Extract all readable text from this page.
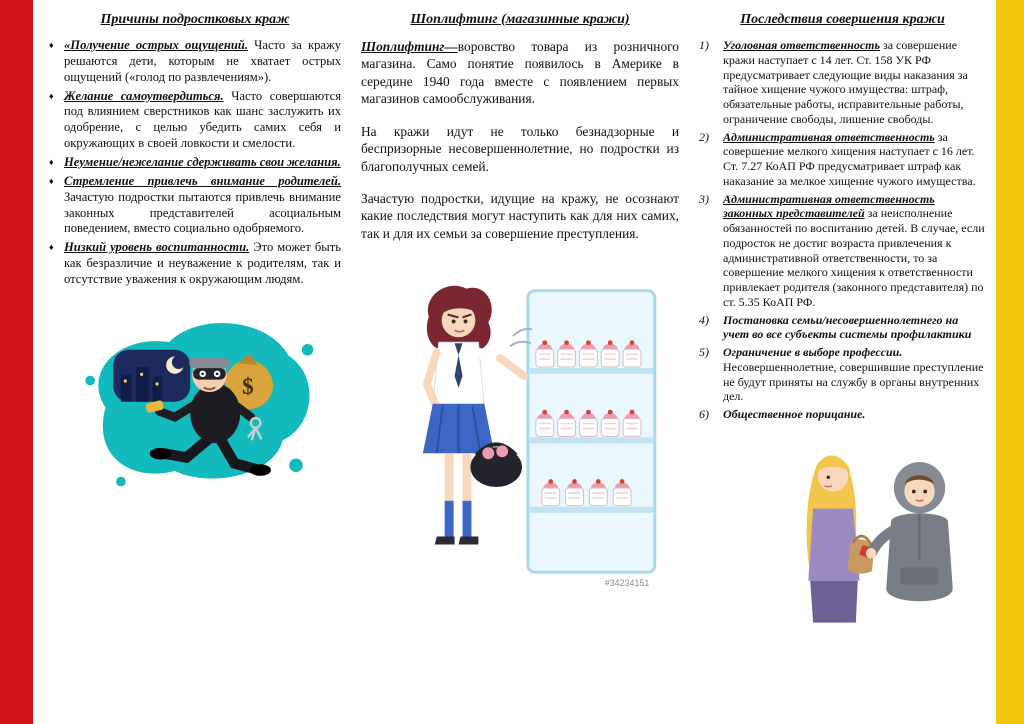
Причины подростковых краж
♦ «Получение острых ощущений. Часто за кражу решаются дети, которым не хватает острых ощущений («голод по развлечениям»).
♦ Желание самоутвердиться. Часто совершаются под влиянием сверстников как шанс заслужить их одобрение, с целью убедить самих себя и окружающих в своей ловкости и смелости.
♦ Неумение/нежелание сдерживать свои желания.
♦ Стремление привлечь внимание родителей. Зачастую подростки пытаются привлечь внимание законных представителей асоциальным поведением, вместо социально одобряемого.
♦ Низкий уровень воспитанности. Это может быть как безразличие и неуважение к родителям, так и отсутствие уважения к окружающим людям.
$
Шоплифтинг (магазинные кражи)

Шоплифтинг—воровство товара из розничного магазина. Само понятие появилось в Америке в середине 1940 года вместе с появлением первых магазинов самообслуживания.

На кражи идут не только безнадзорные и беспризорные несовершеннолетние, но подростки из благополучных семей.

Зачастую подростки, идущие на кражу, не осознают какие последствия могут наступить как для них самих, так и для их семьи за совершение преступления.

#34234151
Последствия совершения кражи
1)	Уголовная ответственность за совершение кражи наступает с 14 лет. Ст. 158 УК РФ предусматривает следующие виды наказания за тайное хищение чужого имущества: штраф, обязательные работы, исправительные работы, ограничение свободы, лишение свободы.
2)	Административная ответственность за совершение мелкого хищения наступает с 16 лет. Ст. 7.27 КоАП РФ предусматривает штраф как наказание за мелкое хищение чужого имущества.
3)	Административная ответственность законных представителей за неисполнение обязанностей по воспитанию детей. В случае, если подросток не достиг возраста привлечения к административной ответственности, то за совершение мелкого хищения к ответственности привлекает родителя (законного представителя) по ст. 5.35 КоАП РФ.
4)	Постановка семьи/несовершеннолетнего на учет во все субъекты системы профилактики
5)	Ограничение в выборе профессии. Несовершеннолетние, совершившие преступление не будут приняты на службу в органы внутренних дел.
6)	Общественное порицание.
